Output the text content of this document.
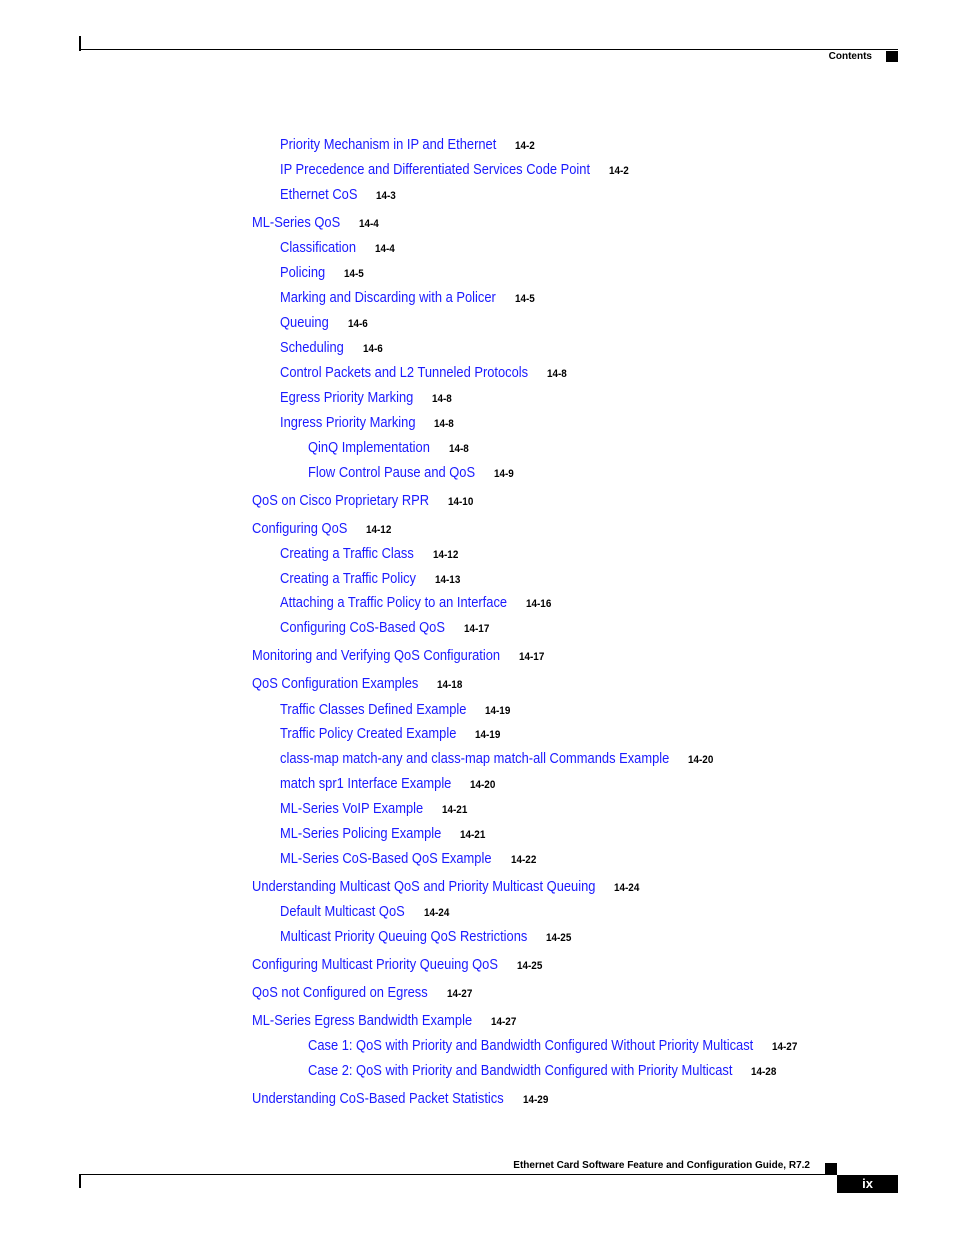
Contents
Priority Mechanism in IP and Ethernet 14-2
IP Precedence and Differentiated Services Code Point 14-2
Ethernet CoS 14-3
ML-Series QoS 14-4
Classification 14-4
Policing 14-5
Marking and Discarding with a Policer 14-5
Queuing 14-6
Scheduling 14-6
Control Packets and L2 Tunneled Protocols 14-8
Egress Priority Marking 14-8
Ingress Priority Marking 14-8
QinQ Implementation 14-8
Flow Control Pause and QoS 14-9
QoS on Cisco Proprietary RPR 14-10
Configuring QoS 14-12
Creating a Traffic Class 14-12
Creating a Traffic Policy 14-13
Attaching a Traffic Policy to an Interface 14-16
Configuring CoS-Based QoS 14-17
Monitoring and Verifying QoS Configuration 14-17
QoS Configuration Examples 14-18
Traffic Classes Defined Example 14-19
Traffic Policy Created Example 14-19
class-map match-any and class-map match-all Commands Example 14-20
match spr1 Interface Example 14-20
ML-Series VoIP Example 14-21
ML-Series Policing Example 14-21
ML-Series CoS-Based QoS Example 14-22
Understanding Multicast QoS and Priority Multicast Queuing 14-24
Default Multicast QoS 14-24
Multicast Priority Queuing QoS Restrictions 14-25
Configuring Multicast Priority Queuing QoS 14-25
QoS not Configured on Egress 14-27
ML-Series Egress Bandwidth Example 14-27
Case 1: QoS with Priority and Bandwidth Configured Without Priority Multicast 14-27
Case 2: QoS with Priority and Bandwidth Configured with Priority Multicast 14-28
Understanding CoS-Based Packet Statistics 14-29
Ethernet Card Software Feature and Configuration Guide, R7.2
ix
